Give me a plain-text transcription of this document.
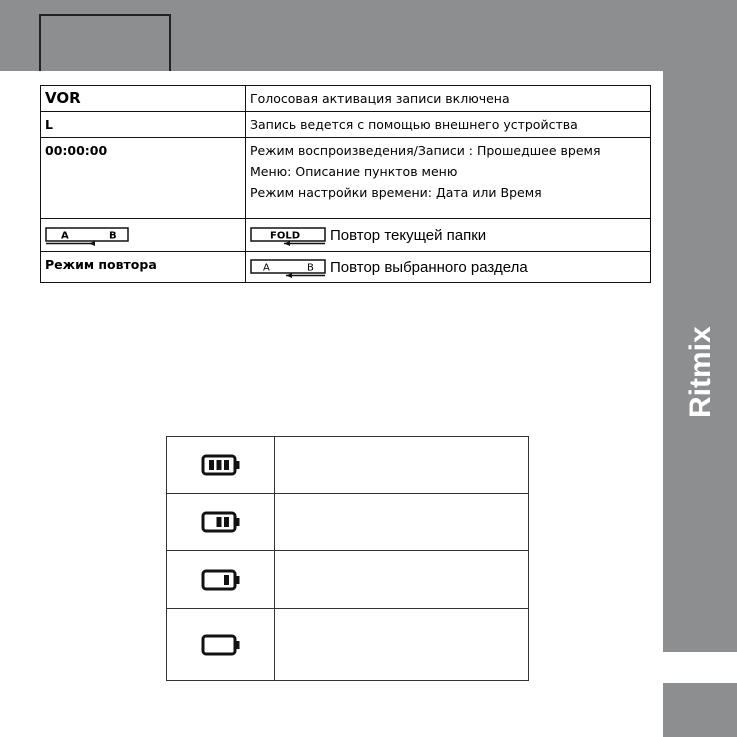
Ritmix
VOR	Голосовая активация записи включена
L	Запись ведется с помощью внешнего устройства
00:00:00	Режим воспроизведения/Записи : Прошедшее время
Меню: Описание пунктов меню
Режим настройки времени: Дата или Время

A B	FOLD Повтор текущей папки
Режим повтора	A B Повтор выбранного раздела
